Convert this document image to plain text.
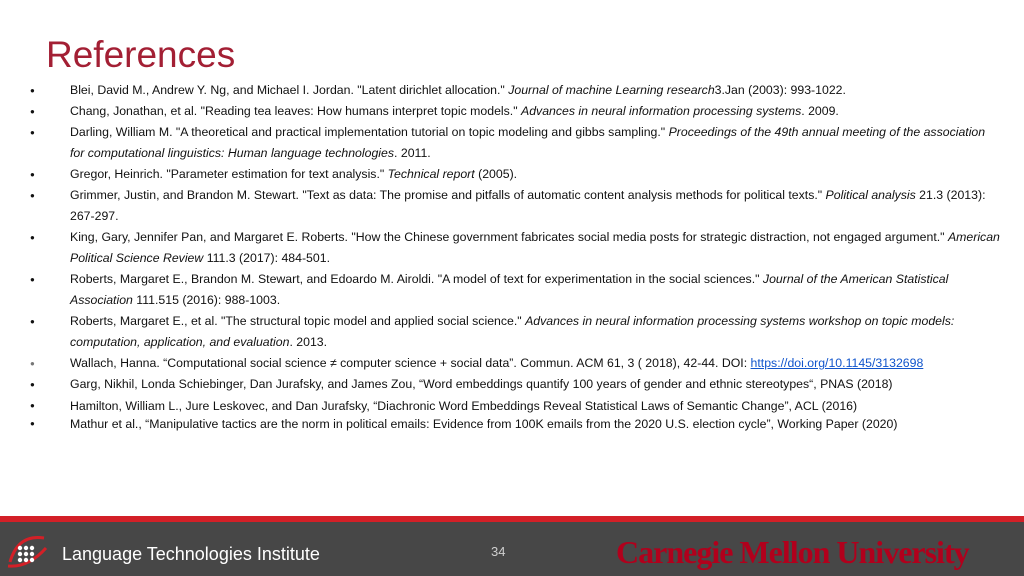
References
● Blei, David M., Andrew Y. Ng, and Michael I. Jordan. "Latent dirichlet allocation." Journal of machine Learning research3.Jan (2003): 993-1022.
● Chang, Jonathan, et al. "Reading tea leaves: How humans interpret topic models." Advances in neural information processing systems. 2009.
● Darling, William M. "A theoretical and practical implementation tutorial on topic modeling and gibbs sampling." Proceedings of the 49th annual meeting of the association for computational linguistics: Human language technologies. 2011.
● Gregor, Heinrich. "Parameter estimation for text analysis." Technical report (2005).
● Grimmer, Justin, and Brandon M. Stewart. "Text as data: The promise and pitfalls of automatic content analysis methods for political texts." Political analysis 21.3 (2013): 267-297.
● King, Gary, Jennifer Pan, and Margaret E. Roberts. "How the Chinese government fabricates social media posts for strategic distraction, not engaged argument." American Political Science Review 111.3 (2017): 484-501.
● Roberts, Margaret E., Brandon M. Stewart, and Edoardo M. Airoldi. "A model of text for experimentation in the social sciences." Journal of the American Statistical Association 111.515 (2016): 988-1003.
● Roberts, Margaret E., et al. "The structural topic model and applied social science." Advances in neural information processing systems workshop on topic models: computation, application, and evaluation. 2013.
● Wallach, Hanna. “Computational social science ≠ computer science + social data”. Commun. ACM 61, 3 ( 2018), 42-44. DOI: https://doi.org/10.1145/3132698
● Garg, Nikhil, Londa Schiebinger, Dan Jurafsky, and James Zou, “Word embeddings quantify 100 years of gender and ethnic stereotypes“, PNAS (2018)
● Hamilton, William L., Jure Leskovec, and Dan Jurafsky, “Diachronic Word Embeddings Reveal Statistical Laws of Semantic Change”, ACL (2016)
● Mathur et al., “Manipulative tactics are the norm in political emails: Evidence from 100K emails from the 2020 U.S. election cycle”, Working Paper (2020)
Language Technologies Institute	34	Carnegie Mellon University
